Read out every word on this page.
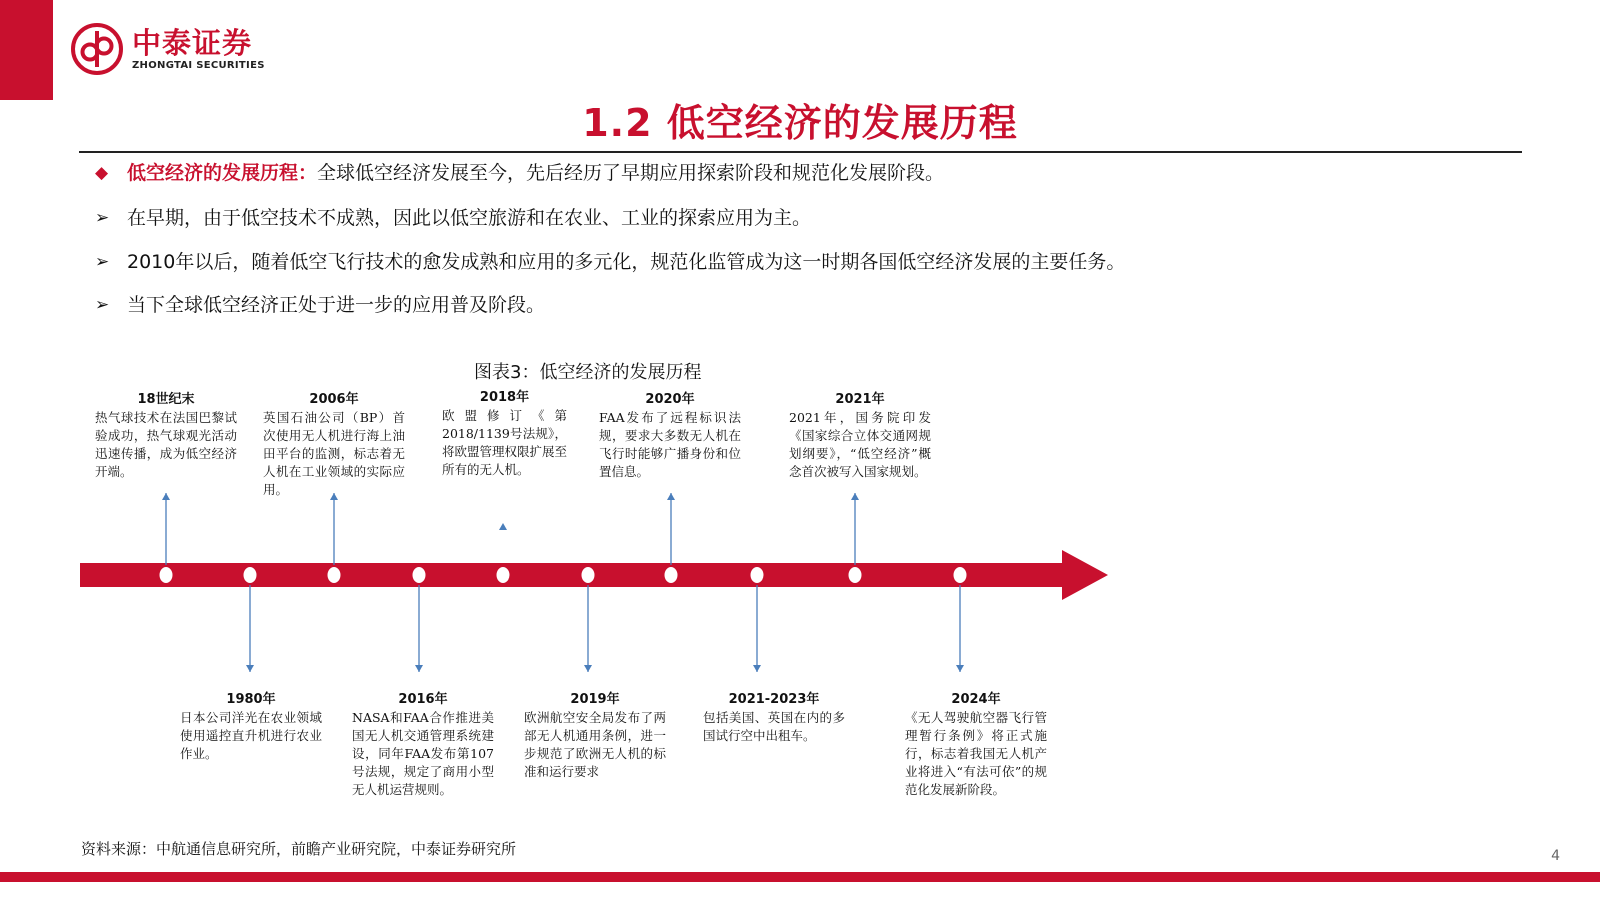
中泰证券
ZHONGTAI SECURITIES
1.2 低空经济的发展历程
◆ 低空经济的发展历程： 全球低空经济发展至今，先后经历了早期应用探索阶段和规范化发展阶段。
➢ 在早期，由于低空技术不成熟，因此以低空旅游和在农业、工业的探索应用为主。
➢ 2010年以后，随着低空飞行技术的愈发成熟和应用的多元化，规范化监管成为这一时期各国低空经济发展的主要任务。
➢ 当下全球低空经济正处于进一步的应用普及阶段。
图表3：低空经济的发展历程
18世纪末
热气球技术在法国巴黎试验成功，热气球观光活动迅速传播，成为低空经济开端。
2006年
英国石油公司（BP）首次使用无人机进行海上油田平台的监测，标志着无人机在工业领域的实际应用。
2018年
欧盟修订《第2018/1139号法规》，将欧盟管理权限扩展至所有的无人机。
2020年
FAA发布了远程标识法规，要求大多数无人机在飞行时能够广播身份和位置信息。
2021年
2021年，国务院印发《国家综合立体交通网规划纲要》，“低空经济”概念首次被写入国家规划。
1980年
日本公司洋光在农业领域使用遥控直升机进行农业作业。
2016年
NASA和FAA合作推进美国无人机交通管理系统建设，同年FAA发布第107号法规，规定了商用小型无人机运营规则。
2019年
欧洲航空安全局发布了两部无人机通用条例，进一步规范了欧洲无人机的标准和运行要求
2021-2023年
包括美国、英国在内的多国试行空中出租车。
2024年
《无人驾驶航空器飞行管理暂行条例》将正式施行，标志着我国无人机产业将进入“有法可依”的规范化发展新阶段。
资料来源：中航通信息研究所，前瞻产业研究院，中泰证券研究所	4
